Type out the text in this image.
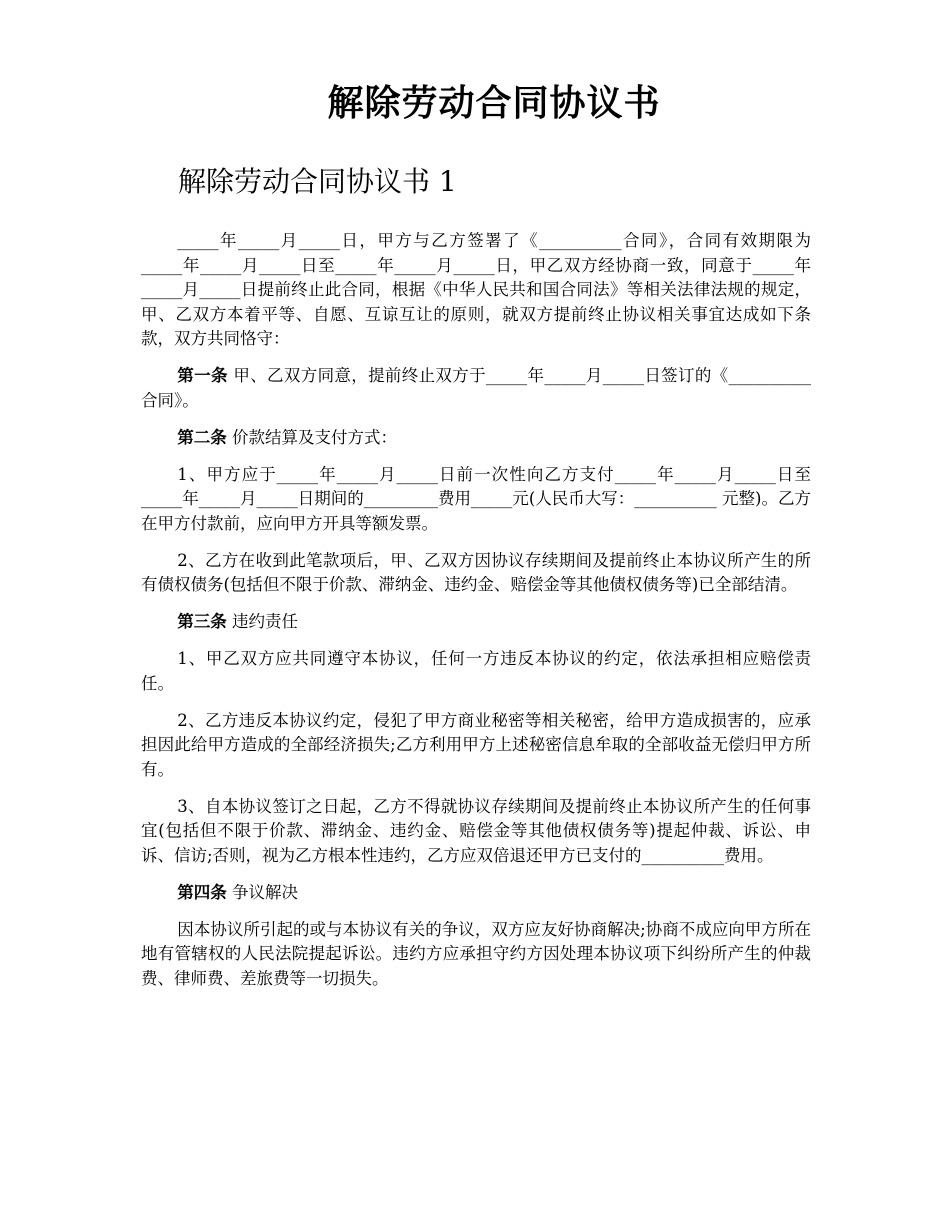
解除劳动合同协议书
解除劳动合同协议书 1

_____年_____月_____日，甲方与乙方签署了《__________合同》，合同有效期限为_____年_____月_____日至_____年_____月_____日，甲乙双方经协商一致，同意于_____年_____月_____日提前终止此合同，根据《中华人民共和国合同法》等相关法律法规的规定，甲、乙双方本着平等、自愿、互谅互让的原则，就双方提前终止协议相关事宜达成如下条款，双方共同恪守：

第一条 甲、乙双方同意，提前终止双方于_____年_____月_____日签订的《__________ 合同》。

第二条 价款结算及支付方式：

1、甲方应于_____年_____月_____日前一次性向乙方支付_____年_____月_____日至_____年_____月_____日期间的_________费用_____元(人民币大写：__________ 元整)。乙方在甲方付款前，应向甲方开具等额发票。

2、乙方在收到此笔款项后，甲、乙双方因协议存续期间及提前终止本协议所产生的所有债权债务(包括但不限于价款、滞纳金、违约金、赔偿金等其他债权债务等)已全部结清。

第三条 违约责任

1、甲乙双方应共同遵守本协议，任何一方违反本协议的约定，依法承担相应赔偿责任。

2、乙方违反本协议约定，侵犯了甲方商业秘密等相关秘密，给甲方造成损害的，应承担因此给甲方造成的全部经济损失;乙方利用甲方上述秘密信息牟取的全部收益无偿归甲方所有。

3、自本协议签订之日起，乙方不得就协议存续期间及提前终止本协议所产生的任何事宜(包括但不限于价款、滞纳金、违约金、赔偿金等其他债权债务等)提起仲裁、诉讼、申诉、信访;否则，视为乙方根本性违约，乙方应双倍退还甲方已支付的__________费用。

第四条 争议解决

因本协议所引起的或与本协议有关的争议，双方应友好协商解决;协商不成应向甲方所在地有管辖权的人民法院提起诉讼。违约方应承担守约方因处理本协议项下纠纷所产生的仲裁费、律师费、差旅费等一切损失。
